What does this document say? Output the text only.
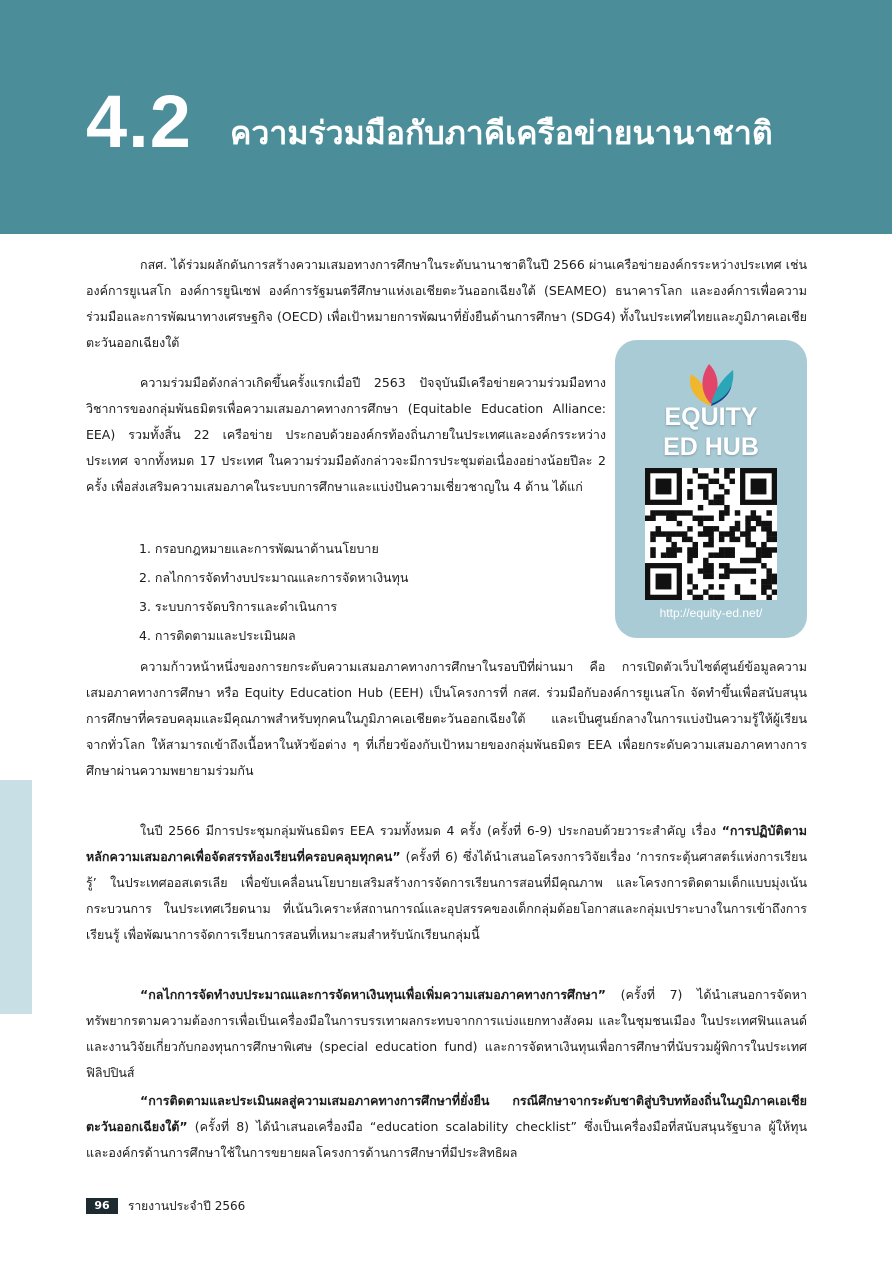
4.2 ความร่วมมือกับภาคีเครือข่ายนานาชาติ

กสศ. ได้ร่วมผลักดันการสร้างความเสมอทางการศึกษาในระดับนานาชาติในปี 2566 ผ่านเครือข่ายองค์กรระหว่างประเทศ เช่น องค์การยูเนสโก องค์การยูนิเซฟ องค์การรัฐมนตรีศึกษาแห่งเอเชียตะวันออกเฉียงใต้ (SEAMEO) ธนาคารโลก และองค์การเพื่อความร่วมมือและการพัฒนาทางเศรษฐกิจ (OECD) เพื่อเป้าหมายการพัฒนาที่ยั่งยืนด้านการศึกษา (SDG4) ทั้งในประเทศไทยและภูมิภาคเอเชียตะวันออกเฉียงใต้

ความร่วมมือดังกล่าวเกิดขึ้นครั้งแรกเมื่อปี 2563 ปัจจุบันมีเครือข่ายความร่วมมือทางวิชาการของกลุ่มพันธมิตรเพื่อความเสมอภาคทางการศึกษา (Equitable Education Alliance: EEA) รวมทั้งสิ้น 22 เครือข่าย ประกอบด้วยองค์กรท้องถิ่นภายในประเทศและองค์กรระหว่างประเทศ จากทั้งหมด 17 ประเทศ ในความร่วมมือดังกล่าวจะมีการประชุมต่อเนื่องอย่างน้อยปีละ 2 ครั้ง เพื่อส่งเสริมความเสมอภาคในระบบการศึกษาและแบ่งปันความเชี่ยวชาญใน 4 ด้าน ได้แก่

1. กรอบกฎหมายและการพัฒนาด้านนโยบาย
2. กลไกการจัดทำงบประมาณและการจัดหาเงินทุน
3. ระบบการจัดบริการและดำเนินการ
4. การติดตามและประเมินผล
EQUITY
ED HUB
http://equity-ed.net/

ความก้าวหน้าหนึ่งของการยกระดับความเสมอภาคทางการศึกษาในรอบปีที่ผ่านมา คือ การเปิดตัวเว็บไซต์ศูนย์ข้อมูลความเสมอภาคทางการศึกษา หรือ Equity Education Hub (EEH) เป็นโครงการที่ กสศ. ร่วมมือกับองค์การยูเนสโก จัดทำขึ้นเพื่อสนับสนุนการศึกษาที่ครอบคลุมและมีคุณภาพสำหรับทุกคนในภูมิภาคเอเชียตะวันออกเฉียงใต้ และเป็นศูนย์กลางในการแบ่งปันความรู้ให้ผู้เรียนจากทั่วโลก ให้สามารถเข้าถึงเนื้อหาในหัวข้อต่าง ๆ ที่เกี่ยวข้องกับเป้าหมายของกลุ่มพันธมิตร EEA เพื่อยกระดับความเสมอภาคทางการศึกษาผ่านความพยายามร่วมกัน

ในปี 2566 มีการประชุมกลุ่มพันธมิตร EEA รวมทั้งหมด 4 ครั้ง (ครั้งที่ 6-9) ประกอบด้วยวาระสำคัญ เรื่อง “การปฏิบัติตามหลักความเสมอภาคเพื่อจัดสรรห้องเรียนที่ครอบคลุมทุกคน” (ครั้งที่ 6) ซึ่งได้นำเสนอโครงการวิจัยเรื่อง ‘การกระตุ้นศาสตร์แห่งการเรียนรู้’ ในประเทศออสเตรเลีย เพื่อขับเคลื่อนนโยบายเสริมสร้างการจัดการเรียนการสอนที่มีคุณภาพ และโครงการติดตามเด็กแบบมุ่งเน้นกระบวนการ ในประเทศเวียดนาม ที่เน้นวิเคราะห์สถานการณ์และอุปสรรคของเด็กกลุ่มด้อยโอกาสและกลุ่มเปราะบางในการเข้าถึงการเรียนรู้ เพื่อพัฒนาการจัดการเรียนการสอนที่เหมาะสมสำหรับนักเรียนกลุ่มนี้

“กลไกการจัดทำงบประมาณและการจัดหาเงินทุนเพื่อเพิ่มความเสมอภาคทางการศึกษา” (ครั้งที่ 7) ได้นำเสนอการจัดหาทรัพยากรตามความต้องการเพื่อเป็นเครื่องมือในการบรรเทาผลกระทบจากการแบ่งแยกทางสังคม และในชุมชนเมือง ในประเทศฟินแลนด์ และงานวิจัยเกี่ยวกับกองทุนการศึกษาพิเศษ (special education fund) และการจัดหาเงินทุนเพื่อการศึกษาที่นับรวมผู้พิการในประเทศฟิลิปปินส์

“การติดตามและประเมินผลสู่ความเสมอภาคทางการศึกษาที่ยั่งยืน กรณีศึกษาจากระดับชาติสู่บริบทท้องถิ่นในภูมิภาคเอเชียตะวันออกเฉียงใต้” (ครั้งที่ 8) ได้นำเสนอเครื่องมือ “education scalability checklist” ซึ่งเป็นเครื่องมือที่สนับสนุนรัฐบาล ผู้ให้ทุน และองค์กรด้านการศึกษาใช้ในการขยายผลโครงการด้านการศึกษาที่มีประสิทธิผล

96	รายงานประจำปี 2566
